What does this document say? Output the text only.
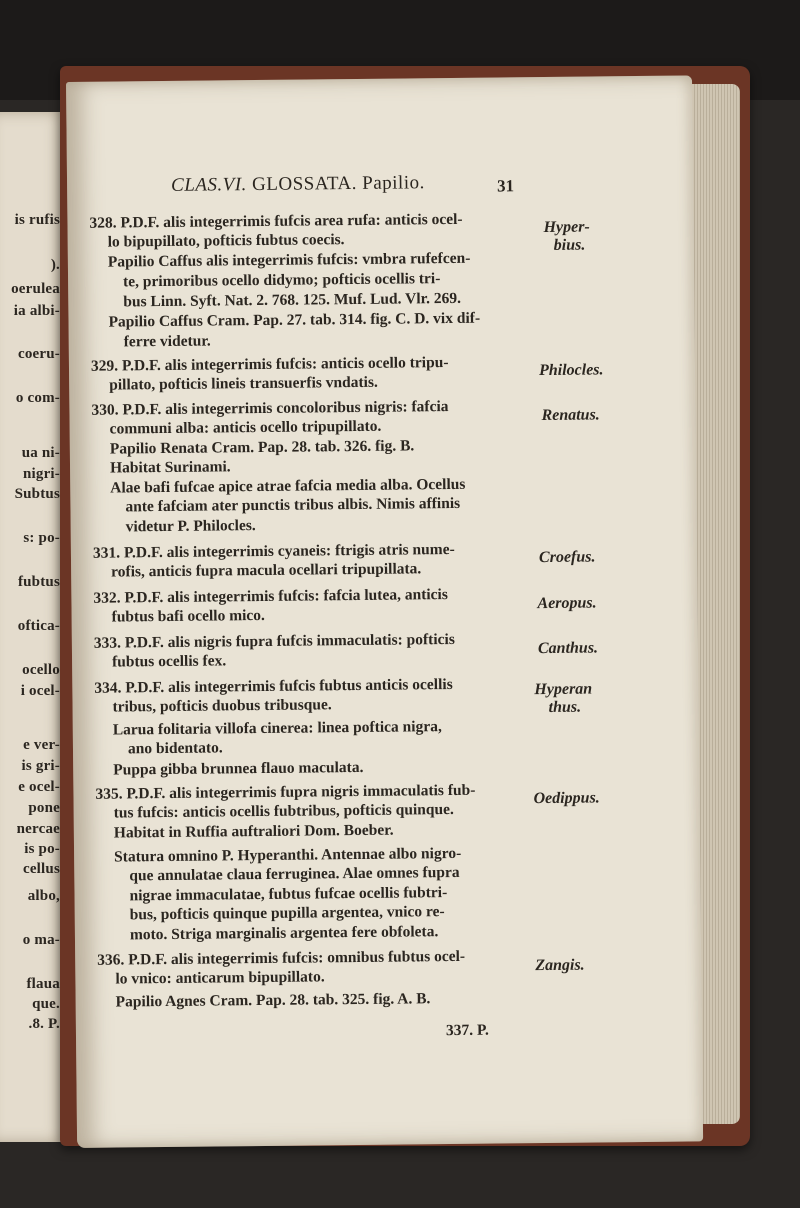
is rufis
).
oerulea
ia albi-
coeru-
o com-
ua ni-
nigri-
Subtus
s: po-
fubtus
oftica-
ocello
i ocel-
e ver-
is gri-
e ocel-
pone
nercae
is po-
cellus
albo,
o ma-
flaua
que.
.8. P.
CLAS.VI. GLOSSATA. Papilio.	31
328. P.D.F. alis integerrimis fufcis area rufa: anticis ocel-
lo bipupillato, pofticis fubtus coecis.
Papilio Caffus alis integerrimis fufcis: vmbra rufefcen-
te, primoribus ocello didymo; pofticis ocellis tri-
bus Linn. Syft. Nat. 2. 768. 125. Muf. Lud. Vlr. 269.
Papilio Caffus Cram. Pap. 27. tab. 314. fig. C. D. vix dif-
ferre videtur.
329. P.D.F. alis integerrimis fufcis: anticis ocello tripu-
pillato, pofticis lineis transuerfis vndatis.
330. P.D.F. alis integerrimis concoloribus nigris: fafcia
communi alba: anticis ocello tripupillato.
Papilio Renata Cram. Pap. 28. tab. 326. fig. B.
Habitat Surinami.
Alae bafi fufcae apice atrae fafcia media alba. Ocellus
ante fafciam ater punctis tribus albis. Nimis affinis
videtur P. Philocles.
331. P.D.F. alis integerrimis cyaneis: ftrigis atris nume-
rofis, anticis fupra macula ocellari tripupillata.
332. P.D.F. alis integerrimis fufcis: fafcia lutea, anticis
fubtus bafi ocello mico.
333. P.D.F. alis nigris fupra fufcis immaculatis: pofticis
fubtus ocellis fex.
334. P.D.F. alis integerrimis fufcis fubtus anticis ocellis
tribus, pofticis duobus tribusque.
Larua folitaria villofa cinerea: linea poftica nigra,
ano bidentato.
Puppa gibba brunnea flauo maculata.
335. P.D.F. alis integerrimis fupra nigris immaculatis fub-
tus fufcis: anticis ocellis fubtribus, pofticis quinque.
Habitat in Ruffia auftraliori Dom. Boeber.
Statura omnino P. Hyperanthi. Antennae albo nigro-
que annulatae claua ferruginea. Alae omnes fupra
nigrae immaculatae, fubtus fufcae ocellis fubtri-
bus, pofticis quinque pupilla argentea, vnico re-
moto. Striga marginalis argentea fere obfoleta.
336. P.D.F. alis integerrimis fufcis: omnibus fubtus ocel-
lo vnico: anticarum bipupillato.
Papilio Agnes Cram. Pap. 28. tab. 325. fig. A. B.
337. P.
Hyper-
bius.
Philocles.
Renatus.
Croefus.
Aeropus.
Canthus.
Hyperan
thus.
Oedippus.
Zangis.
